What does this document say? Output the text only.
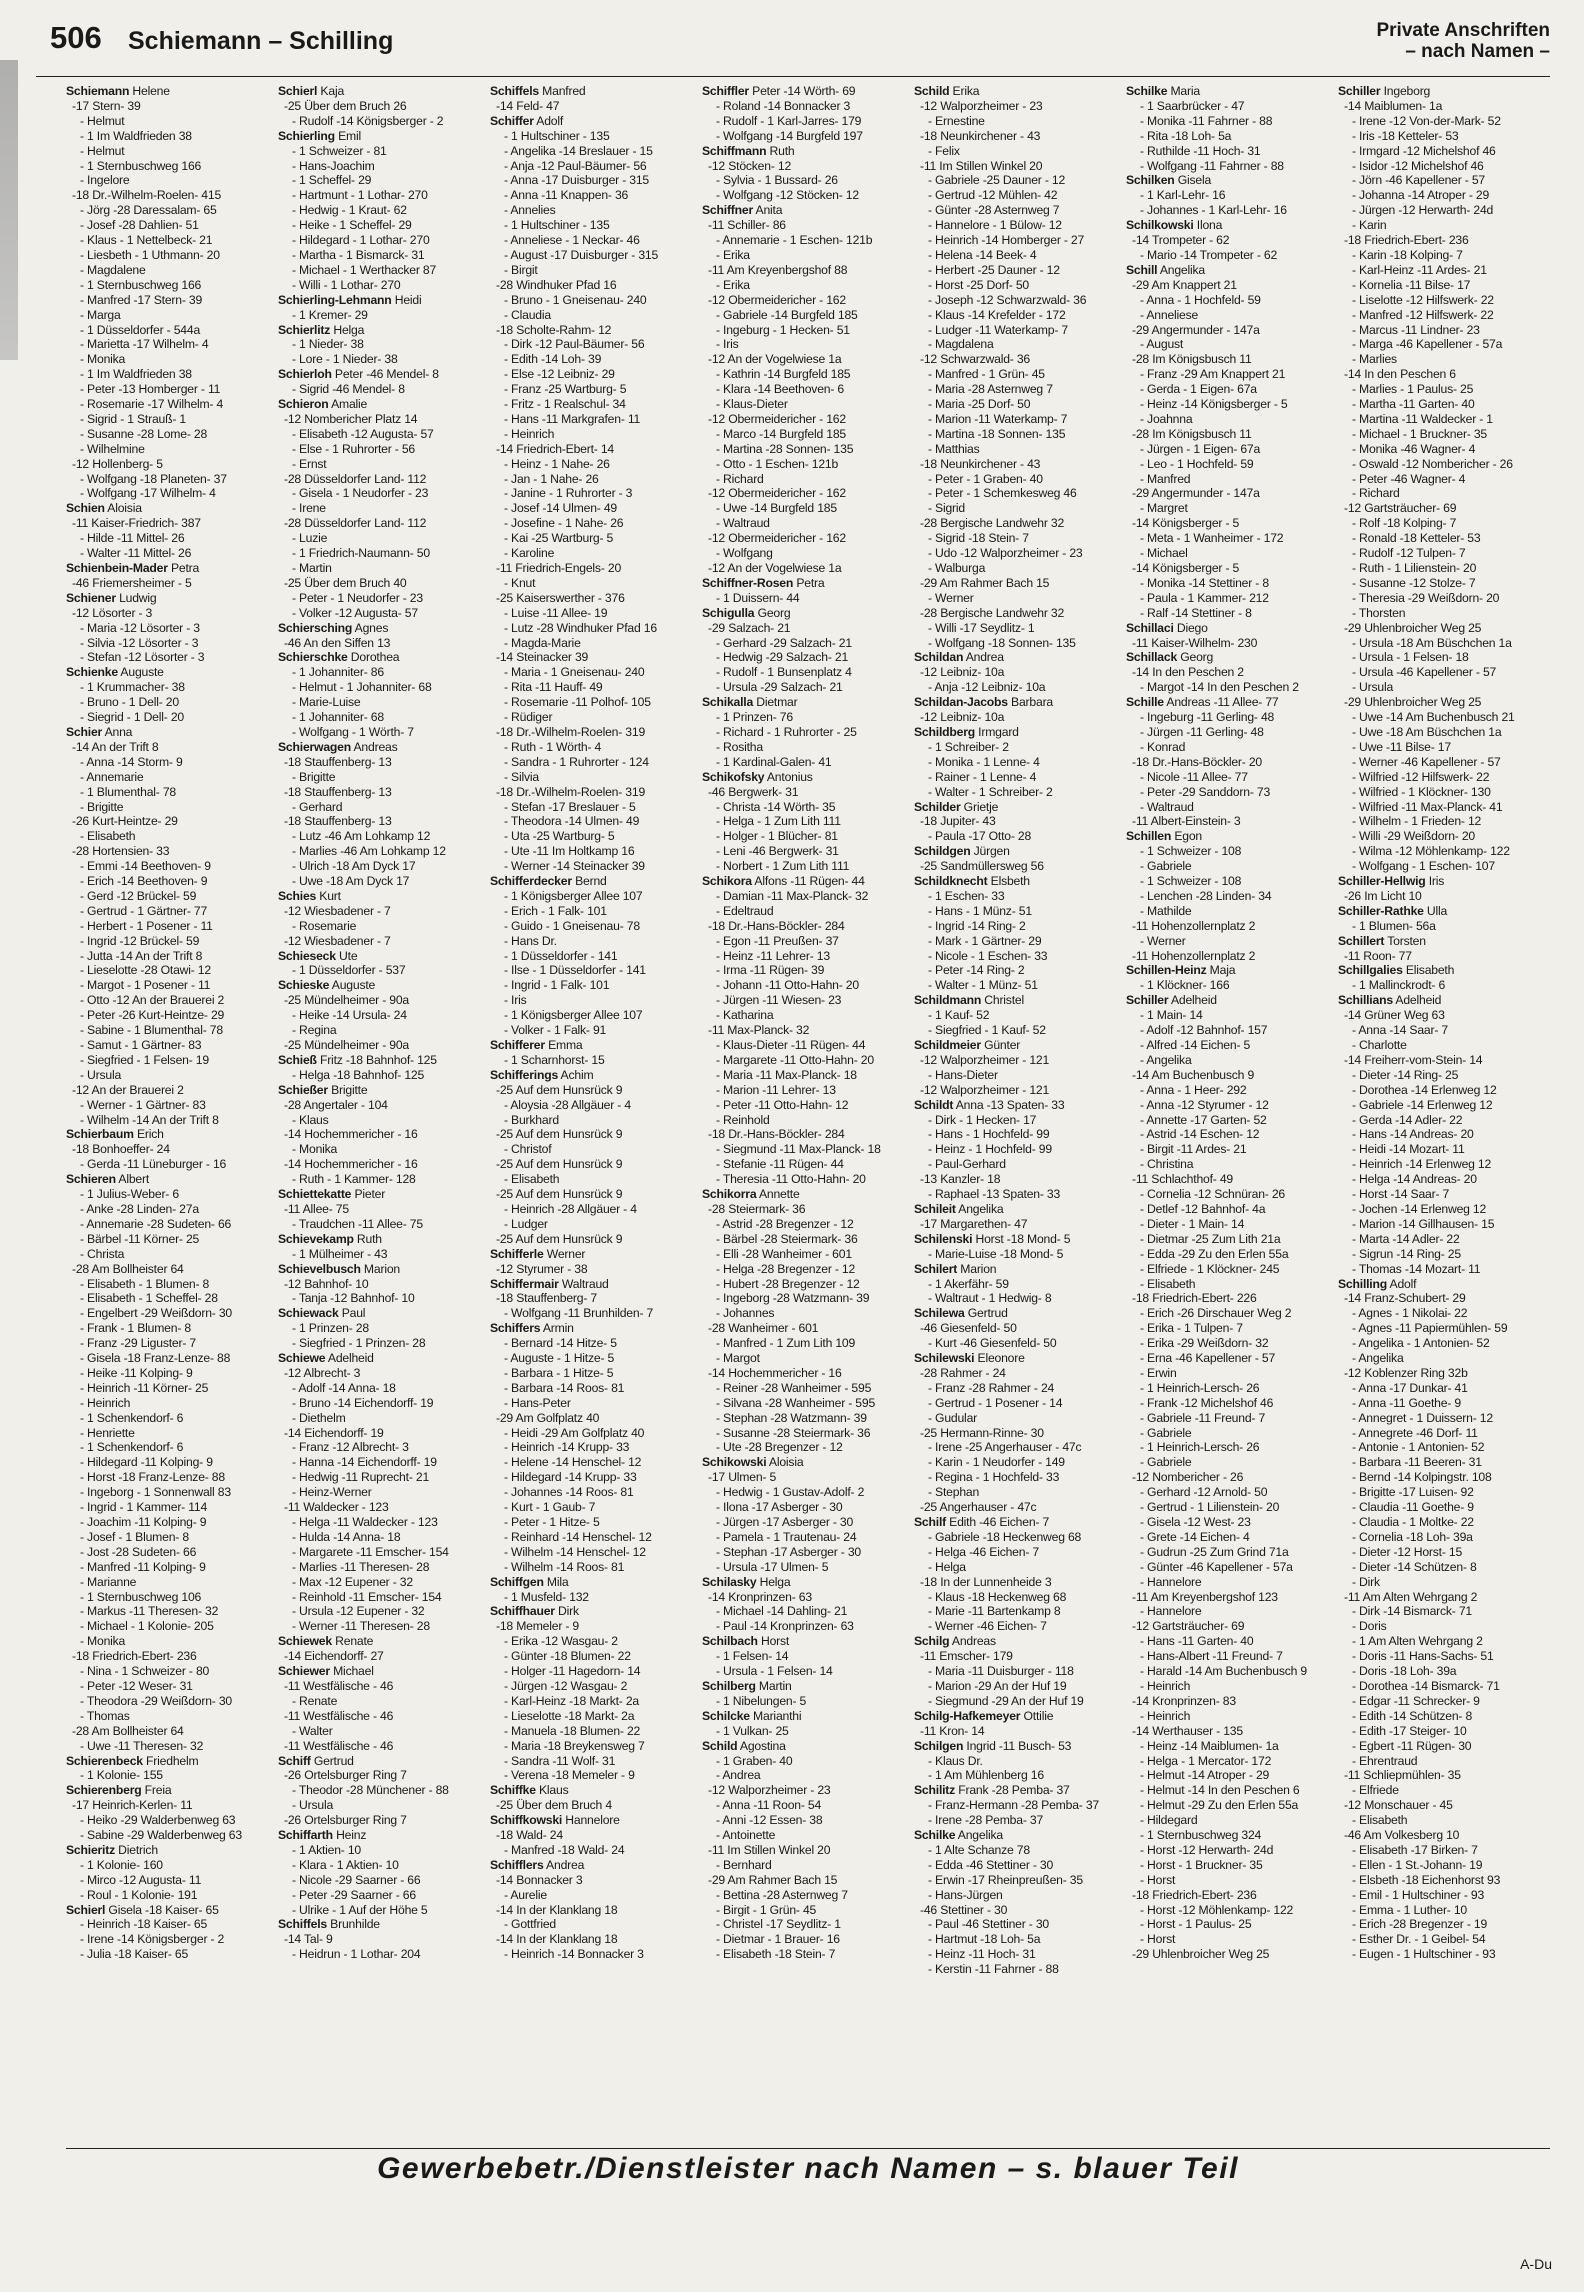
506 Schiemann – Schilling	Private Anschriften
– nach Namen –
Schiemann Helene
-17 Stern- 39
- Helmut
- 1 Im Waldfrieden 38
- Helmut
- 1 Sternbuschweg 166
- Ingelore
-18 Dr.-Wilhelm-Roelen- 415
- Jörg -28 Daressalam- 65
- Josef -28 Dahlien- 51
- Klaus - 1 Nettelbeck- 21
- Liesbeth - 1 Uthmann- 20
- Magdalene
- 1 Sternbuschweg 166
- Manfred -17 Stern- 39
- Marga
- 1 Düsseldorfer - 544a
- Marietta -17 Wilhelm- 4
- Monika
- 1 Im Waldfrieden 38
- Peter -13 Homberger - 11
- Rosemarie -17 Wilhelm- 4
- Sigrid - 1 Strauß- 1
- Susanne -28 Lome- 28
- Wilhelmine
-12 Hollenberg- 5
- Wolfgang -18 Planeten- 37
- Wolfgang -17 Wilhelm- 4
Schien Aloisia
-11 Kaiser-Friedrich- 387
- Hilde -11 Mittel- 26
- Walter -11 Mittel- 26
Schienbein-Mader Petra
-46 Friemersheimer - 5
Schiener Ludwig
-12 Lösorter - 3
- Maria -12 Lösorter - 3
- Silvia -12 Lösorter - 3
- Stefan -12 Lösorter - 3
Schienke Auguste
- 1 Krummacher- 38
- Bruno - 1 Dell- 20
- Siegrid - 1 Dell- 20
Schier Anna
-14 An der Trift 8
- Anna -14 Storm- 9
- Annemarie
- 1 Blumenthal- 78
- Brigitte
-26 Kurt-Heintze- 29
- Elisabeth
-28 Hortensien- 33
- Emmi -14 Beethoven- 9
- Erich -14 Beethoven- 9
- Gerd -12 Brückel- 59
- Gertrud - 1 Gärtner- 77
- Herbert - 1 Posener - 11
- Ingrid -12 Brückel- 59
- Jutta -14 An der Trift 8
- Lieselotte -28 Otawi- 12
- Margot - 1 Posener - 11
- Otto -12 An der Brauerei 2
- Peter -26 Kurt-Heintze- 29
- Sabine - 1 Blumenthal- 78
- Samut - 1 Gärtner- 83
- Siegfried - 1 Felsen- 19
- Ursula
-12 An der Brauerei 2
- Werner - 1 Gärtner- 83
- Wilhelm -14 An der Trift 8
Schierbaum Erich
-18 Bonhoeffer- 24
- Gerda -11 Lüneburger - 16
Schieren Albert
- 1 Julius-Weber- 6
- Anke -28 Linden- 27a
- Annemarie -28 Sudeten- 66
- Bärbel -11 Körner- 25
- Christa
-28 Am Bollheister 64
- Elisabeth - 1 Blumen- 8
- Elisabeth - 1 Scheffel- 28
- Engelbert -29 Weißdorn- 30
- Frank - 1 Blumen- 8
- Franz -29 Liguster- 7
- Gisela -18 Franz-Lenze- 88
- Heike -11 Kolping- 9
- Heinrich -11 Körner- 25
- Heinrich
- 1 Schenkendorf- 6
- Henriette
- 1 Schenkendorf- 6
- Hildegard -11 Kolping- 9
- Horst -18 Franz-Lenze- 88
- Ingeborg - 1 Sonnenwall 83
- Ingrid - 1 Kammer- 114
- Joachim -11 Kolping- 9
- Josef - 1 Blumen- 8
- Jost -28 Sudeten- 66
- Manfred -11 Kolping- 9
- Marianne
- 1 Sternbuschweg 106
- Markus -11 Theresen- 32
- Michael - 1 Kolonie- 205
- Monika
-18 Friedrich-Ebert- 236
- Nina - 1 Schweizer - 80
- Peter -12 Weser- 31
- Theodora -29 Weißdorn- 30
- Thomas
-28 Am Bollheister 64
- Uwe -11 Theresen- 32
Schierenbeck Friedhelm
- 1 Kolonie- 155
Schierenberg Freia
-17 Heinrich-Kerlen- 11
- Heiko -29 Walderbenweg 63
- Sabine -29 Walderbenweg 63
Schieritz Dietrich
- 1 Kolonie- 160
- Mirco -12 Augusta- 11
- Roul - 1 Kolonie- 191
Schierl Gisela -18 Kaiser- 65
- Heinrich -18 Kaiser- 65
- Irene -14 Königsberger - 2
- Julia -18 Kaiser- 65
Schierl Kaja
-25 Über dem Bruch 26
- Rudolf -14 Königsberger - 2
Schierling Emil
- 1 Schweizer - 81
- Hans-Joachim
- 1 Scheffel- 29
- Hartmunt - 1 Lothar- 270
- Hedwig - 1 Kraut- 62
- Heike - 1 Scheffel- 29
- Hildegard - 1 Lothar- 270
- Martha - 1 Bismarck- 31
- Michael - 1 Werthacker 87
- Willi - 1 Lothar- 270
Schierling-Lehmann Heidi
- 1 Kremer- 29
Schierlitz Helga
- 1 Nieder- 38
- Lore - 1 Nieder- 38
Schierloh Peter -46 Mendel- 8
- Sigrid -46 Mendel- 8
Schieron Amalie
-12 Nombericher Platz 14
- Elisabeth -12 Augusta- 57
- Else - 1 Ruhrorter - 56
- Ernst
-28 Düsseldorfer Land- 112
- Gisela - 1 Neudorfer - 23
- Irene
-28 Düsseldorfer Land- 112
- Luzie
- 1 Friedrich-Naumann- 50
- Martin
-25 Über dem Bruch 40
- Peter - 1 Neudorfer - 23
- Volker -12 Augusta- 57
Schiersching Agnes
-46 An den Siffen 13
Schierschke Dorothea
- 1 Johanniter- 86
- Helmut - 1 Johanniter- 68
- Marie-Luise
- 1 Johanniter- 68
- Wolfgang - 1 Wörth- 7
Schierwagen Andreas
-18 Stauffenberg- 13
- Brigitte
-18 Stauffenberg- 13
- Gerhard
-18 Stauffenberg- 13
- Lutz -46 Am Lohkamp 12
- Marlies -46 Am Lohkamp 12
- Ulrich -18 Am Dyck 17
- Uwe -18 Am Dyck 17
Schies Kurt
-12 Wiesbadener - 7
- Rosemarie
-12 Wiesbadener - 7
Schieseck Ute
- 1 Düsseldorfer - 537
Schieske Auguste
-25 Mündelheimer - 90a
- Heike -14 Ursula- 24
- Regina
-25 Mündelheimer - 90a
Schieß Fritz -18 Bahnhof- 125
- Helga -18 Bahnhof- 125
Schießer Brigitte
-28 Angertaler - 104
- Klaus
-14 Hochemmericher - 16
- Monika
-14 Hochemmericher - 16
- Ruth - 1 Kammer- 128
Schiettekatte Pieter
-11 Allee- 75
- Traudchen -11 Allee- 75
Schievekamp Ruth
- 1 Mülheimer - 43
Schievelbusch Marion
-12 Bahnhof- 10
- Tanja -12 Bahnhof- 10
Schiewack Paul
- 1 Prinzen- 28
- Siegfried - 1 Prinzen- 28
Schiewe Adelheid
-12 Albrecht- 3
- Adolf -14 Anna- 18
- Bruno -14 Eichendorff- 19
- Diethelm
-14 Eichendorff- 19
- Franz -12 Albrecht- 3
- Hanna -14 Eichendorff- 19
- Hedwig -11 Ruprecht- 21
- Heinz-Werner
-11 Waldecker - 123
- Helga -11 Waldecker - 123
- Hulda -14 Anna- 18
- Margarete -11 Emscher- 154
- Marlies -11 Theresen- 28
- Max -12 Eupener - 32
- Reinhold -11 Emscher- 154
- Ursula -12 Eupener - 32
- Werner -11 Theresen- 28
Schiewek Renate
-14 Eichendorff- 27
Schiewer Michael
-11 Westfälische - 46
- Renate
-11 Westfälische - 46
- Walter
-11 Westfälische - 46
Schiff Gertrud
-26 Ortelsburger Ring 7
- Theodor -28 Münchener - 88
- Ursula
-26 Ortelsburger Ring 7
Schiffarth Heinz
- 1 Aktien- 10
- Klara - 1 Aktien- 10
- Nicole -29 Saarner - 66
- Peter -29 Saarner - 66
- Ulrike - 1 Auf der Höhe 5
Schiffels Brunhilde
-14 Tal- 9
- Heidrun - 1 Lothar- 204
Schiffels Manfred
-14 Feld- 47
Schiffer Adolf
- 1 Hultschiner - 135
- Angelika -14 Breslauer - 15
- Anja -12 Paul-Bäumer- 56
- Anna -17 Duisburger - 315
- Anna -11 Knappen- 36
- Annelies
- 1 Hultschiner - 135
- Anneliese - 1 Neckar- 46
- August -17 Duisburger - 315
- Birgit
-28 Windhuker Pfad 16
- Bruno - 1 Gneisenau- 240
- Claudia
-18 Scholte-Rahm- 12
- Dirk -12 Paul-Bäumer- 56
- Edith -14 Loh- 39
- Else -12 Leibniz- 29
- Franz -25 Wartburg- 5
- Fritz - 1 Realschul- 34
- Hans -11 Markgrafen- 11
- Heinrich
-14 Friedrich-Ebert- 14
- Heinz - 1 Nahe- 26
- Jan - 1 Nahe- 26
- Janine - 1 Ruhrorter - 3
- Josef -14 Ulmen- 49
- Josefine - 1 Nahe- 26
- Kai -25 Wartburg- 5
- Karoline
-11 Friedrich-Engels- 20
- Knut
-25 Kaiserswerther - 376
- Luise -11 Allee- 19
- Lutz -28 Windhuker Pfad 16
- Magda-Marie
-14 Steinacker 39
- Maria - 1 Gneisenau- 240
- Rita -11 Hauff- 49
- Rosemarie -11 Polhof- 105
- Rüdiger
-18 Dr.-Wilhelm-Roelen- 319
- Ruth - 1 Wörth- 4
- Sandra - 1 Ruhrorter - 124
- Silvia
-18 Dr.-Wilhelm-Roelen- 319
- Stefan -17 Breslauer - 5
- Theodora -14 Ulmen- 49
- Uta -25 Wartburg- 5
- Ute -11 Im Holtkamp 16
- Werner -14 Steinacker 39
Schifferdecker Bernd
- 1 Königsberger Allee 107
- Erich - 1 Falk- 101
- Guido - 1 Gneisenau- 78
- Hans Dr.
- 1 Düsseldorfer - 141
- Ilse - 1 Düsseldorfer - 141
- Ingrid - 1 Falk- 101
- Iris
- 1 Königsberger Allee 107
- Volker - 1 Falk- 91
Schifferer Emma
- 1 Scharnhorst- 15
Schifferings Achim
-25 Auf dem Hunsrück 9
- Aloysia -28 Allgäuer - 4
- Burkhard
-25 Auf dem Hunsrück 9
- Christof
-25 Auf dem Hunsrück 9
- Elisabeth
-25 Auf dem Hunsrück 9
- Heinrich -28 Allgäuer - 4
- Ludger
-25 Auf dem Hunsrück 9
Schifferle Werner
-12 Styrumer - 38
Schiffermair Waltraud
-18 Stauffenberg- 7
- Wolfgang -11 Brunhilden- 7
Schiffers Armin
- Bernard -14 Hitze- 5
- Auguste - 1 Hitze- 5
- Barbara - 1 Hitze- 5
- Barbara -14 Roos- 81
- Hans-Peter
-29 Am Golfplatz 40
- Heidi -29 Am Golfplatz 40
- Heinrich -14 Krupp- 33
- Helene -14 Henschel- 12
- Hildegard -14 Krupp- 33
- Johannes -14 Roos- 81
- Kurt - 1 Gaub- 7
- Peter - 1 Hitze- 5
- Reinhard -14 Henschel- 12
- Wilhelm -14 Henschel- 12
- Wilhelm -14 Roos- 81
Schiffgen Mila
- 1 Musfeld- 132
Schiffhauer Dirk
-18 Memeler - 9
- Erika -12 Wasgau- 2
- Günter -18 Blumen- 22
- Holger -11 Hagedorn- 14
- Jürgen -12 Wasgau- 2
- Karl-Heinz -18 Markt- 2a
- Lieselotte -18 Markt- 2a
- Manuela -18 Blumen- 22
- Maria -18 Breykensweg 7
- Sandra -11 Wolf- 31
- Verena -18 Memeler - 9
Schiffke Klaus
-25 Über dem Bruch 4
Schiffkowski Hannelore
-18 Wald- 24
- Manfred -18 Wald- 24
Schifflers Andrea
-14 Bonnacker 3
- Aurelie
-14 In der Klanklang 18
- Gottfried
-14 In der Klanklang 18
- Heinrich -14 Bonnacker 3
Schiffler Peter -14 Wörth- 69
- Roland -14 Bonnacker 3
- Rudolf - 1 Karl-Jarres- 179
- Wolfgang -14 Burgfeld 197
Schiffmann Ruth
-12 Stöcken- 12
- Sylvia - 1 Bussard- 26
- Wolfgang -12 Stöcken- 12
Schiffner Anita
-11 Schiller- 86
- Annemarie - 1 Eschen- 121b
- Erika
-11 Am Kreyenbergshof 88
- Erika
-12 Obermeidericher - 162
- Gabriele -14 Burgfeld 185
- Ingeburg - 1 Hecken- 51
- Iris
-12 An der Vogelwiese 1a
- Kathrin -14 Burgfeld 185
- Klara -14 Beethoven- 6
- Klaus-Dieter
-12 Obermeidericher - 162
- Marco -14 Burgfeld 185
- Martina -28 Sonnen- 135
- Otto - 1 Eschen- 121b
- Richard
-12 Obermeidericher - 162
- Uwe -14 Burgfeld 185
- Waltraud
-12 Obermeidericher - 162
- Wolfgang
-12 An der Vogelwiese 1a
Schiffner-Rosen Petra
- 1 Duissern- 44
Schigulla Georg
-29 Salzach- 21
- Gerhard -29 Salzach- 21
- Hedwig -29 Salzach- 21
- Rudolf - 1 Bunsenplatz 4
- Ursula -29 Salzach- 21
Schikalla Dietmar
- 1 Prinzen- 76
- Richard - 1 Ruhrorter - 25
- Rositha
- 1 Kardinal-Galen- 41
Schikofsky Antonius
-46 Bergwerk- 31
- Christa -14 Wörth- 35
- Helga - 1 Zum Lith 111
- Holger - 1 Blücher- 81
- Leni -46 Bergwerk- 31
- Norbert - 1 Zum Lith 111
Schikora Alfons -11 Rügen- 44
- Damian -11 Max-Planck- 32
- Edeltraud
-18 Dr.-Hans-Böckler- 284
- Egon -11 Preußen- 37
- Heinz -11 Lehrer- 13
- Irma -11 Rügen- 39
- Johann -11 Otto-Hahn- 20
- Jürgen -11 Wiesen- 23
- Katharina
-11 Max-Planck- 32
- Klaus-Dieter -11 Rügen- 44
- Margarete -11 Otto-Hahn- 20
- Maria -11 Max-Planck- 18
- Marion -11 Lehrer- 13
- Peter -11 Otto-Hahn- 12
- Reinhold
-18 Dr.-Hans-Böckler- 284
- Siegmund -11 Max-Planck- 18
- Stefanie -11 Rügen- 44
- Theresia -11 Otto-Hahn- 20
Schikorra Annette
-28 Steiermark- 36
- Astrid -28 Bregenzer - 12
- Bärbel -28 Steiermark- 36
- Elli -28 Wanheimer - 601
- Helga -28 Bregenzer - 12
- Hubert -28 Bregenzer - 12
- Ingeborg -28 Watzmann- 39
- Johannes
-28 Wanheimer - 601
- Manfred - 1 Zum Lith 109
- Margot
-14 Hochemmericher - 16
- Reiner -28 Wanheimer - 595
- Silvana -28 Wanheimer - 595
- Stephan -28 Watzmann- 39
- Susanne -28 Steiermark- 36
- Ute -28 Bregenzer - 12
Schikowski Aloisia
-17 Ulmen- 5
- Hedwig - 1 Gustav-Adolf- 2
- Ilona -17 Asberger - 30
- Jürgen -17 Asberger - 30
- Pamela - 1 Trautenau- 24
- Stephan -17 Asberger - 30
- Ursula -17 Ulmen- 5
Schilasky Helga
-14 Kronprinzen- 63
- Michael -14 Dahling- 21
- Paul -14 Kronprinzen- 63
Schilbach Horst
- 1 Felsen- 14
- Ursula - 1 Felsen- 14
Schilberg Martin
- 1 Nibelungen- 5
Schilcke Marianthi
- 1 Vulkan- 25
Schild Agostina
- 1 Graben- 40
- Andrea
-12 Walporzheimer - 23
- Anna -11 Roon- 54
- Anni -12 Essen- 38
- Antoinette
-11 Im Stillen Winkel 20
- Bernhard
-29 Am Rahmer Bach 15
- Bettina -28 Asternweg 7
- Birgit - 1 Grün- 45
- Christel -17 Seydlitz- 1
- Dietmar - 1 Brauer- 16
- Elisabeth -18 Stein- 7
Schild Erika
-12 Walporzheimer - 23
- Ernestine
-18 Neunkirchener - 43
- Felix
-11 Im Stillen Winkel 20
- Gabriele -25 Dauner - 12
- Gertrud -12 Mühlen- 42
- Günter -28 Asternweg 7
- Hannelore - 1 Bülow- 12
- Heinrich -14 Homberger - 27
- Helena -14 Beek- 4
- Herbert -25 Dauner - 12
- Horst -25 Dorf- 50
- Joseph -12 Schwarzwald- 36
- Klaus -14 Krefelder - 172
- Ludger -11 Waterkamp- 7
- Magdalena
-12 Schwarzwald- 36
- Manfred - 1 Grün- 45
- Maria -28 Asternweg 7
- Maria -25 Dorf- 50
- Marion -11 Waterkamp- 7
- Martina -18 Sonnen- 135
- Matthias
-18 Neunkirchener - 43
- Peter - 1 Graben- 40
- Peter - 1 Schemkesweg 46
- Sigrid
-28 Bergische Landwehr 32
- Sigrid -18 Stein- 7
- Udo -12 Walporzheimer - 23
- Walburga
-29 Am Rahmer Bach 15
- Werner
-28 Bergische Landwehr 32
- Willi -17 Seydlitz- 1
- Wolfgang -18 Sonnen- 135
Schildan Andrea
-12 Leibniz- 10a
- Anja -12 Leibniz- 10a
Schildan-Jacobs Barbara
-12 Leibniz- 10a
Schildberg Irmgard
- 1 Schreiber- 2
- Monika - 1 Lenne- 4
- Rainer - 1 Lenne- 4
- Walter - 1 Schreiber- 2
Schilder Grietje
-18 Jupiter- 43
- Paula -17 Otto- 28
Schildgen Jürgen
-25 Sandmüllersweg 56
Schildknecht Elsbeth
- 1 Eschen- 33
- Hans - 1 Münz- 51
- Ingrid -14 Ring- 2
- Mark - 1 Gärtner- 29
- Nicole - 1 Eschen- 33
- Peter -14 Ring- 2
- Walter - 1 Münz- 51
Schildmann Christel
- 1 Kauf- 52
- Siegfried - 1 Kauf- 52
Schildmeier Günter
-12 Walporzheimer - 121
- Hans-Dieter
-12 Walporzheimer - 121
Schildt Anna -13 Spaten- 33
- Dirk - 1 Hecken- 17
- Hans - 1 Hochfeld- 99
- Heinz - 1 Hochfeld- 99
- Paul-Gerhard
-13 Kanzler- 18
- Raphael -13 Spaten- 33
Schileit Angelika
-17 Margarethen- 47
Schilenski Horst -18 Mond- 5
- Marie-Luise -18 Mond- 5
Schilert Marion
- 1 Akerfähr- 59
- Waltraut - 1 Hedwig- 8
Schilewa Gertrud
-46 Giesenfeld- 50
- Kurt -46 Giesenfeld- 50
Schilewski Eleonore
-28 Rahmer - 24
- Franz -28 Rahmer - 24
- Gertrud - 1 Posener - 14
- Gudular
-25 Hermann-Rinne- 30
- Irene -25 Angerhauser - 47c
- Karin - 1 Neudorfer - 149
- Regina - 1 Hochfeld- 33
- Stephan
-25 Angerhauser - 47c
Schilf Edith -46 Eichen- 7
- Gabriele -18 Heckenweg 68
- Helga -46 Eichen- 7
- Helga
-18 In der Lunnenheide 3
- Klaus -18 Heckenweg 68
- Marie -11 Bartenkamp 8
- Werner -46 Eichen- 7
Schilg Andreas
-11 Emscher- 179
- Maria -11 Duisburger - 118
- Marion -29 An der Huf 19
- Siegmund -29 An der Huf 19
Schilg-Hafkemeyer Ottilie
-11 Kron- 14
Schilgen Ingrid -11 Busch- 53
- Klaus Dr.
- 1 Am Mühlenberg 16
Schilitz Frank -28 Pemba- 37
- Franz-Hermann -28 Pemba- 37
- Irene -28 Pemba- 37
Schilke Angelika
- 1 Alte Schanze 78
- Edda -46 Stettiner - 30
- Erwin -17 Rheinpreußen- 35
- Hans-Jürgen
-46 Stettiner - 30
- Paul -46 Stettiner - 30
- Hartmut -18 Loh- 5a
- Heinz -11 Hoch- 31
- Kerstin -11 Fahrner - 88
Schilke Maria
- 1 Saarbrücker - 47
- Monika -11 Fahrner - 88
- Rita -18 Loh- 5a
- Ruthilde -11 Hoch- 31
- Wolfgang -11 Fahrner - 88
Schilken Gisela
- 1 Karl-Lehr- 16
- Johannes - 1 Karl-Lehr- 16
Schilkowski Ilona
-14 Trompeter - 62
- Mario -14 Trompeter - 62
Schill Angelika
-29 Am Knappert 21
- Anna - 1 Hochfeld- 59
- Anneliese
-29 Angermunder - 147a
- August
-28 Im Königsbusch 11
- Franz -29 Am Knappert 21
- Gerda - 1 Eigen- 67a
- Heinz -14 Königsberger - 5
- Joahnna
-28 Im Königsbusch 11
- Jürgen - 1 Eigen- 67a
- Leo - 1 Hochfeld- 59
- Manfred
-29 Angermunder - 147a
- Margret
-14 Königsberger - 5
- Meta - 1 Wanheimer - 172
- Michael
-14 Königsberger - 5
- Monika -14 Stettiner - 8
- Paula - 1 Kammer- 212
- Ralf -14 Stettiner - 8
Schillaci Diego
-11 Kaiser-Wilhelm- 230
Schillack Georg
-14 In den Peschen 2
- Margot -14 In den Peschen 2
Schille Andreas -11 Allee- 77
- Ingeburg -11 Gerling- 48
- Jürgen -11 Gerling- 48
- Konrad
-18 Dr.-Hans-Böckler- 20
- Nicole -11 Allee- 77
- Peter -29 Sanddorn- 73
- Waltraud
-11 Albert-Einstein- 3
Schillen Egon
- 1 Schweizer - 108
- Gabriele
- 1 Schweizer - 108
- Lenchen -28 Linden- 34
- Mathilde
-11 Hohenzollernplatz 2
- Werner
-11 Hohenzollernplatz 2
Schillen-Heinz Maja
- 1 Klöckner- 166
Schiller Adelheid
- 1 Main- 14
- Adolf -12 Bahnhof- 157
- Alfred -14 Eichen- 5
- Angelika
-14 Am Buchenbusch 9
- Anna - 1 Heer- 292
- Anna -12 Styrumer - 12
- Annette -17 Garten- 52
- Astrid -14 Eschen- 12
- Birgit -11 Ardes- 21
- Christina
-11 Schlachthof- 49
- Cornelia -12 Schnüran- 26
- Detlef -12 Bahnhof- 4a
- Dieter - 1 Main- 14
- Dietmar -25 Zum Lith 21a
- Edda -29 Zu den Erlen 55a
- Elfriede - 1 Klöckner- 245
- Elisabeth
-18 Friedrich-Ebert- 226
- Erich -26 Dirschauer Weg 2
- Erika - 1 Tulpen- 7
- Erika -29 Weißdorn- 32
- Erna -46 Kapellener - 57
- Erwin
- 1 Heinrich-Lersch- 26
- Frank -12 Michelshof 46
- Gabriele -11 Freund- 7
- Gabriele
- 1 Heinrich-Lersch- 26
- Gabriele
-12 Nombericher - 26
- Gerhard -12 Arnold- 50
- Gertrud - 1 Lilienstein- 20
- Gisela -12 West- 23
- Grete -14 Eichen- 4
- Gudrun -25 Zum Grind 71a
- Günter -46 Kapellener - 57a
- Hannelore
-11 Am Kreyenbergshof 123
- Hannelore
-12 Gartsträucher- 69
- Hans -11 Garten- 40
- Hans-Albert -11 Freund- 7
- Harald -14 Am Buchenbusch 9
- Heinrich
-14 Kronprinzen- 83
- Heinrich
-14 Werthauser - 135
- Heinz -14 Maiblumen- 1a
- Helga - 1 Mercator- 172
- Helmut -14 Atroper - 29
- Helmut -14 In den Peschen 6
- Helmut -29 Zu den Erlen 55a
- Hildegard
- 1 Sternbuschweg 324
- Horst -12 Herwarth- 24d
- Horst - 1 Bruckner- 35
- Horst
-18 Friedrich-Ebert- 236
- Horst -12 Möhlenkamp- 122
- Horst - 1 Paulus- 25
- Horst
-29 Uhlenbroicher Weg 25
Schiller Ingeborg
-14 Maiblumen- 1a
- Irene -12 Von-der-Mark- 52
- Iris -18 Ketteler- 53
- Irmgard -12 Michelshof 46
- Isidor -12 Michelshof 46
- Jörn -46 Kapellener - 57
- Johanna -14 Atroper - 29
- Jürgen -12 Herwarth- 24d
- Karin
-18 Friedrich-Ebert- 236
- Karin -18 Kolping- 7
- Karl-Heinz -11 Ardes- 21
- Kornelia -11 Bilse- 17
- Liselotte -12 Hilfswerk- 22
- Manfred -12 Hilfswerk- 22
- Marcus -11 Lindner- 23
- Marga -46 Kapellener - 57a
- Marlies
-14 In den Peschen 6
- Marlies - 1 Paulus- 25
- Martha -11 Garten- 40
- Martina -11 Waldecker - 1
- Michael - 1 Bruckner- 35
- Monika -46 Wagner- 4
- Oswald -12 Nombericher - 26
- Peter -46 Wagner- 4
- Richard
-12 Gartsträucher- 69
- Rolf -18 Kolping- 7
- Ronald -18 Ketteler- 53
- Rudolf -12 Tulpen- 7
- Ruth - 1 Lilienstein- 20
- Susanne -12 Stolze- 7
- Theresia -29 Weißdorn- 20
- Thorsten
-29 Uhlenbroicher Weg 25
- Ursula -18 Am Büschchen 1a
- Ursula - 1 Felsen- 18
- Ursula -46 Kapellener - 57
- Ursula
-29 Uhlenbroicher Weg 25
- Uwe -14 Am Buchenbusch 21
- Uwe -18 Am Büschchen 1a
- Uwe -11 Bilse- 17
- Werner -46 Kapellener - 57
- Wilfried -12 Hilfswerk- 22
- Wilfried - 1 Klöckner- 130
- Wilfried -11 Max-Planck- 41
- Wilhelm - 1 Frieden- 12
- Willi -29 Weißdorn- 20
- Wilma -12 Möhlenkamp- 122
- Wolfgang - 1 Eschen- 107
Schiller-Hellwig Iris
-26 Im Licht 10
Schiller-Rathke Ulla
- 1 Blumen- 56a
Schillert Torsten
-11 Roon- 77
Schillgalies Elisabeth
- 1 Mallinckrodt- 6
Schillians Adelheid
-14 Grüner Weg 63
- Anna -14 Saar- 7
- Charlotte
-14 Freiherr-vom-Stein- 14
- Dieter -14 Ring- 25
- Dorothea -14 Erlenweg 12
- Gabriele -14 Erlenweg 12
- Gerda -14 Adler- 22
- Hans -14 Andreas- 20
- Heidi -14 Mozart- 11
- Heinrich -14 Erlenweg 12
- Helga -14 Andreas- 20
- Horst -14 Saar- 7
- Jochen -14 Erlenweg 12
- Marion -14 Gillhausen- 15
- Marta -14 Adler- 22
- Sigrun -14 Ring- 25
- Thomas -14 Mozart- 11
Schilling Adolf
-14 Franz-Schubert- 29
- Agnes - 1 Nikolai- 22
- Agnes -11 Papiermühlen- 59
- Angelika - 1 Antonien- 52
- Angelika
-12 Koblenzer Ring 32b
- Anna -17 Dunkar- 41
- Anna -11 Goethe- 9
- Annegret - 1 Duissern- 12
- Annegrete -46 Dorf- 11
- Antonie - 1 Antonien- 52
- Barbara -11 Beeren- 31
- Bernd -14 Kolpingstr. 108
- Brigitte -17 Luisen- 92
- Claudia -11 Goethe- 9
- Claudia - 1 Moltke- 22
- Cornelia -18 Loh- 39a
- Dieter -12 Horst- 15
- Dieter -14 Schützen- 8
- Dirk
-11 Am Alten Wehrgang 2
- Dirk -14 Bismarck- 71
- Doris
- 1 Am Alten Wehrgang 2
- Doris -11 Hans-Sachs- 51
- Doris -18 Loh- 39a
- Dorothea -14 Bismarck- 71
- Edgar -11 Schrecker- 9
- Edith -14 Schützen- 8
- Edith -17 Steiger- 10
- Egbert -11 Rügen- 30
- Ehrentraud
-11 Schliepmühlen- 35
- Elfriede
-12 Monschauer - 45
- Elisabeth
-46 Am Volkesberg 10
- Elisabeth -17 Birken- 7
- Ellen - 1 St.-Johann- 19
- Elsbeth -18 Eichenhorst 93
- Emil - 1 Hultschiner - 93
- Emma - 1 Luther- 10
- Erich -28 Bregenzer - 19
- Esther Dr. - 1 Geibel- 54
- Eugen - 1 Hultschiner - 93
Gewerbebetr./Dienstleister nach Namen – s. blauer Teil
A-Du
